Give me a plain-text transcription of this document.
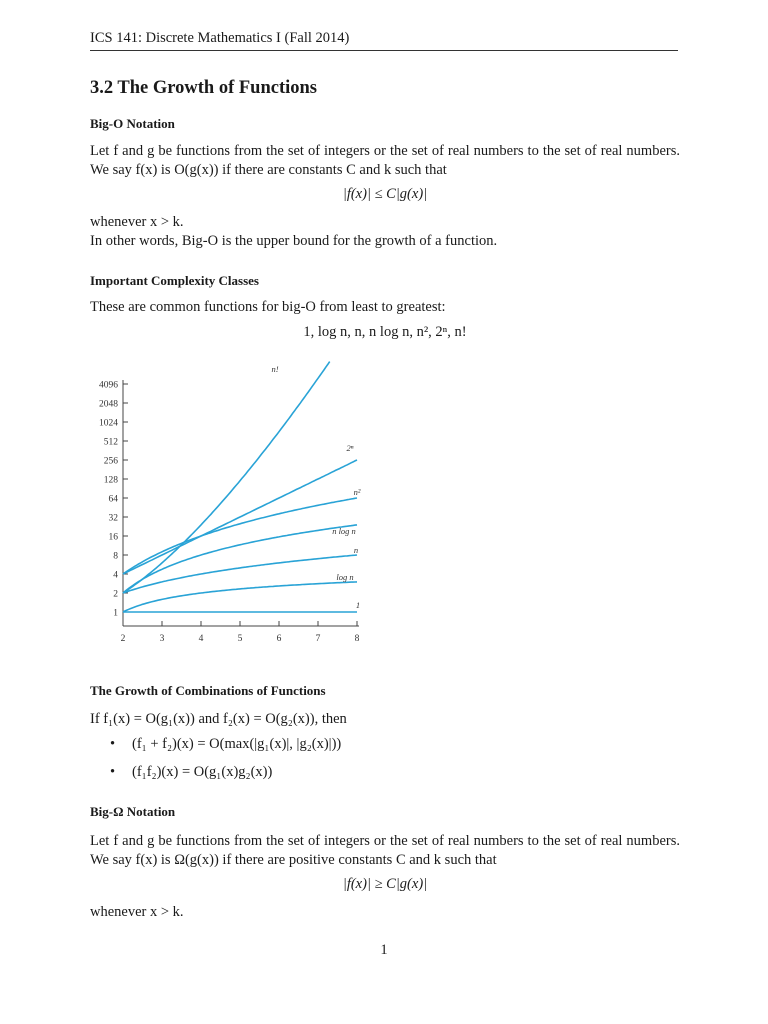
ICS 141: Discrete Mathematics I (Fall 2014)
3.2 The Growth of Functions
Big-O Notation
Let f and g be functions from the set of integers or the set of real numbers to the set of real numbers. We say f(x) is O(g(x)) if there are constants C and k such that
|f(x)| ≤ C|g(x)|
whenever x > k.
In other words, Big-O is the upper bound for the growth of a function.
Important Complexity Classes
These are common functions for big-O from least to greatest:
1, log n, n, n log n, n², 2ⁿ, n!
1
2
4
8
16
32
64
128
256
512
1024
2048
4096
2	3	4	5	6	7	8
1
log n
n
n log n
n²
2ⁿ
n!
The Growth of Combinations of Functions
If f₁(x) = O(g₁(x)) and f₂(x) = O(g₂(x)), then
• (f₁ + f₂)(x) = O(max(|g₁(x)|, |g₂(x)|))
• (f₁f₂)(x) = O(g₁(x)g₂(x))
Big-Ω Notation
Let f and g be functions from the set of integers or the set of real numbers to the set of real numbers. We say f(x) is Ω(g(x)) if there are positive constants C and k such that
|f(x)| ≥ C|g(x)|
whenever x > k.
1
